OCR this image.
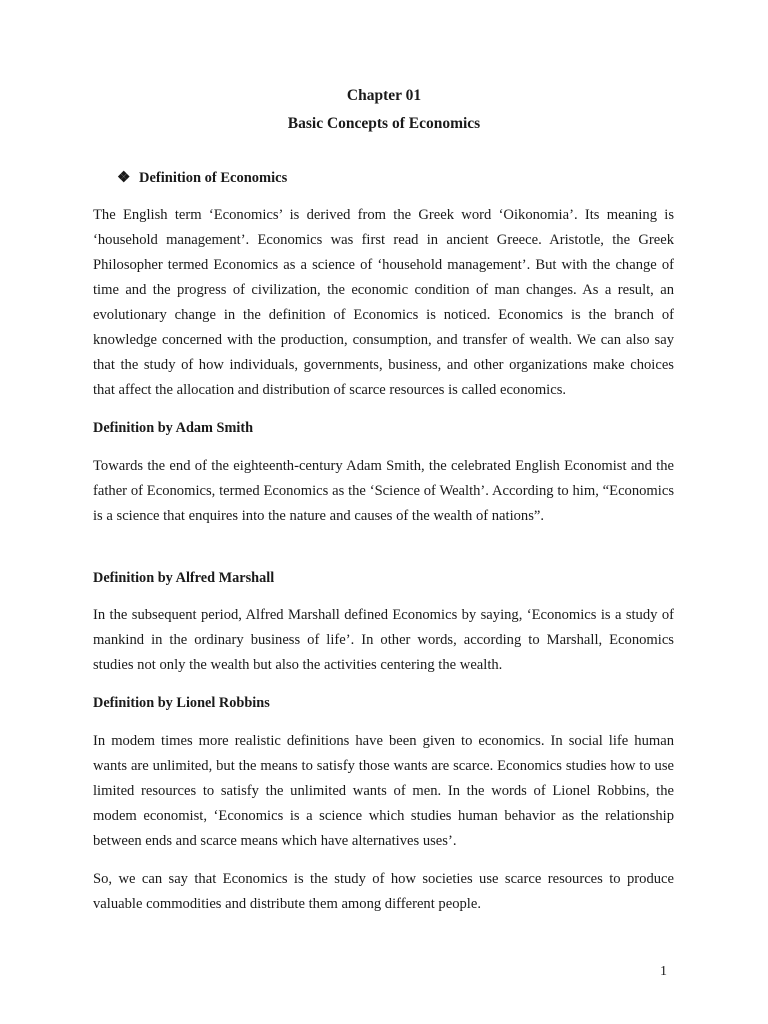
Chapter 01
Basic Concepts of Economics
❖ Definition of Economics

The English term ‘Economics’ is derived from the Greek word ‘Oikonomia’. Its meaning is ‘household management’. Economics was first read in ancient Greece. Aristotle, the Greek Philosopher termed Economics as a science of ‘household management’. But with the change of time and the progress of civilization, the economic condition of man changes. As a result, an evolutionary change in the definition of Economics is noticed. Economics is the branch of knowledge concerned with the production, consumption, and transfer of wealth. We can also say that the study of how individuals, governments, business, and other organizations make choices that affect the allocation and distribution of scarce resources is called economics.

Definition by Adam Smith

Towards the end of the eighteenth-century Adam Smith, the celebrated English Economist and the father of Economics, termed Economics as the ‘Science of Wealth’. According to him, “Economics is a science that enquires into the nature and causes of the wealth of nations”.

Definition by Alfred Marshall

In the subsequent period, Alfred Marshall defined Economics by saying, ‘Economics is a study of mankind in the ordinary business of life’. In other words, according to Marshall, Economics studies not only the wealth but also the activities centering the wealth.

Definition by Lionel Robbins

In modem times more realistic definitions have been given to economics. In social life human wants are unlimited, but the means to satisfy those wants are scarce. Economics studies how to use limited resources to satisfy the unlimited wants of men. In the words of Lionel Robbins, the modem economist, ‘Economics is a science which studies human behavior as the relationship between ends and scarce means which have alternatives uses’.

So, we can say that Economics is the study of how societies use scarce resources to produce valuable commodities and distribute them among different people.

1
